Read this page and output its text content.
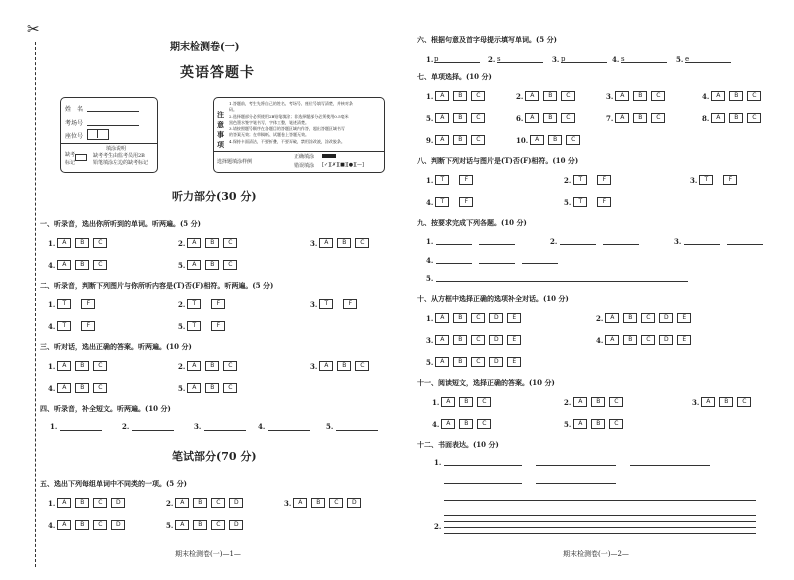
✂
期末检测卷(一)
英语答题卡
姓　名
考场号
座位号
填涂说明
缺考
标记
缺考考生由监考员用2B铅笔填涂左边的缺考标记
注意事项
1.答题前，考生先将自己的姓名、考场号、座位号填写清楚，并核对条
码。
2.选择题部分必须使用2B铅笔填涂；非选择题部分必须使用0.5毫米
黑色墨水签字笔书写，字体工整，笔迹清楚。
3.请按照题号顺序在各题目的答题区域内作答，超出答题区域书写
的答案无效；在草稿纸、试题卷上答题无效。
4.保持卡面清洁，不要折叠，不要弄破，禁用涂改液，涂改胶条。
选择题填涂样例
正确填涂
错误填涂 [✓][✗][■][●][—]
听力部分(30 分)
一、听录音，选出你所听到的单词。听两遍。(5 分)
1.	A	B	C	2.	A	B	C	3.	A	B	C
4.	A	B	C	5.	A	B	C
二、听录音，判断下列图片与你所听内容是(T)否(F)相符。听两遍。(5 分)
1.	T	F	2.	T	F	3.	T	F
4.	T	F	5.	T	F
三、听对话，选出正确的答案。听两遍。(10 分)
1.	A	B	C	2.	A	B	C	3.	A	B	C
4.	A	B	C	5.	A	B	C
四、听录音，补全短文。听两遍。(10 分)
1.	2.	3.	4.	5.
笔试部分(70 分)
五、选出下列每组单词中不同类的一项。(5 分)
1.	A	B	C	D	2.	A	B	C	D	3.	A	B	C	D
4.	A	B	C	D	5.	A	B	C	D
期末检测卷(一)—1—
六、根据句意及首字母提示填写单词。(5 分)
1. p	2. s	3. p	4. s	5. e
七、单项选择。(10 分)
1.	A	B	C	2.	A	B	C	3.	A	B	C	4.	A	B	C
5.	A	B	C	6.	A	B	C	7.	A	B	C	8.	A	B	C
9.	A	B	C	10.	A	B	C
八、判断下列对话与图片是(T)否(F)相符。(10 分)
1.	T	F	2.	T	F	3.	T	F
4.	T	F	5.	T	F
九、按要求完成下列各题。(10 分)
1.	2.	3.
4.
5.
十、从方框中选择正确的选项补全对话。(10 分)
1.	A	B	C	D	E	2.	A	B	C	D	E
3.	A	B	C	D	E	4.	A	B	C	D	E
5.	A	B	C	D	E
十一、阅读短文，选择正确的答案。(10 分)
1.	A	B	C	2.	A	B	C	3.	A	B	C
4.	A	B	C	5.	A	B	C
十二、书面表达。(10 分)
1.
2.
期末检测卷(一)—2—
